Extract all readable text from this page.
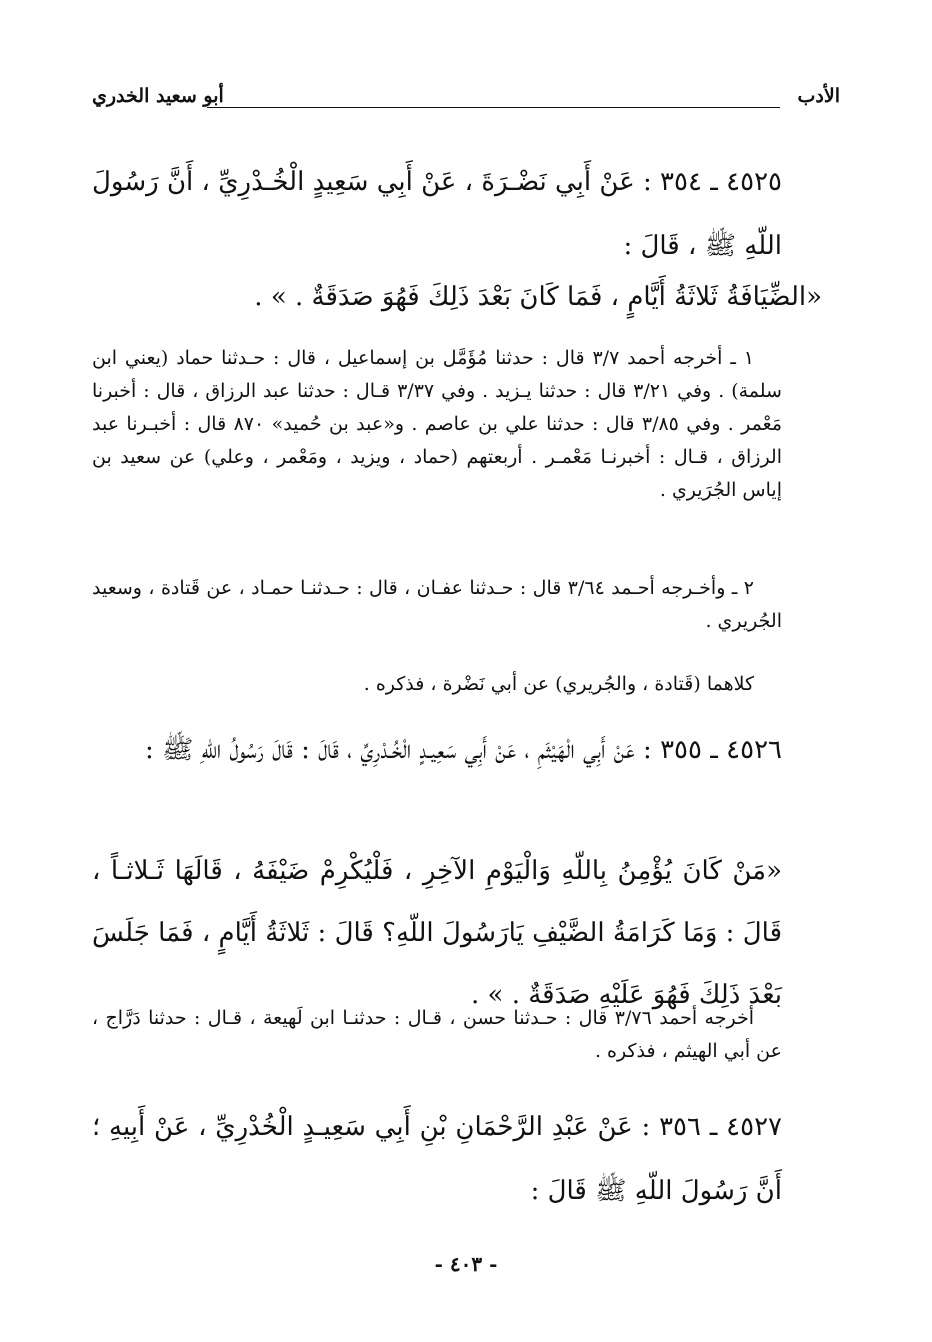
الأدب
أبو سعيد الخدري
٤٥٢٥ ـ ٣٥٤ : عَنْ أَبِي نَضْـرَةَ ، عَنْ أَبِي سَعِيدٍ الْخُـدْرِيِّ ، أَنَّ رَسُولَ اللّهِ ﷺ ، قَالَ :
«الضِّيَافَةُ ثَلاثَةُ أَيَّامٍ ، فَمَا كَانَ بَعْدَ ذَلِكَ فَهُوَ صَدَقَةٌ . » .
١ ـ أخرجه أحمد ٣/٧ قال : حدثنا مُؤَمَّل بن إسماعيل ، قال : حـدثنا حماد (يعني ابن سلمة) . وفي ٣/٢١ قال : حدثنا يـزيد . وفي ٣/٣٧ قـال : حدثنا عبد الرزاق ، قال : أخبرنا مَعْمر . وفي ٣/٨٥ قال : حدثنا علي بن عاصم . و«عبد بن حُميد» ٨٧٠ قال : أخبـرنا عبد الرزاق ، قـال : أخبرنـا مَعْمـر . أربعتهم (حماد ، ويزيد ، ومَعْمر ، وعلي) عن سعيد بن إياس الجُرَيري .
٢ ـ وأخـرجه أحـمد ٣/٦٤ قال : حـدثنا عفـان ، قال : حـدثنـا حمـاد ، عن قَتادة ، وسعيد الجُريري .
كلاهما (قَتادة ، والجُريري) عن أبي نَضْرة ، فذكره .
٤٥٢٦ ـ ٣٥٥ : عَنْ أَبِي الْهَيْثَمِ ، عَنْ أَبِي سَعِيـدٍ الْخُـدْرِيِّ ، قَالَ : قَالَ رَسُولُ اللّهِ ﷺ :
«مَنْ كَانَ يُؤْمِنُ بِاللّهِ وَالْيَوْمِ الآخِرِ ، فَلْيُكْرِمْ ضَيْفَهُ ، قَالَهَا ثَـلاثـاً ، قَالَ : وَمَا كَرَامَةُ الضَّيْفِ يَارَسُولَ اللّهِ؟ قَالَ : ثَلاثَةُ أَيَّامٍ ، فَمَا جَلَسَ بَعْدَ ذَلِكَ فَهُوَ عَلَيْهِ صَدَقَةٌ . » .
أخرجه أحمد ٣/٧٦ قال : حـدثنا حسن ، قـال : حدثنـا ابن لَهيعة ، قـال : حدثنا دَرَّاج ، عن أبي الهيثم ، فذكره .
٤٥٢٧ ـ ٣٥٦ : عَنْ عَبْدِ الرَّحْمَانِ بْنِ أَبِي سَعِيـدٍ الْخُدْرِيِّ ، عَنْ أَبِيهِ ؛ أَنَّ رَسُولَ اللّهِ ﷺ قَالَ :
- ٤٠٣ -
